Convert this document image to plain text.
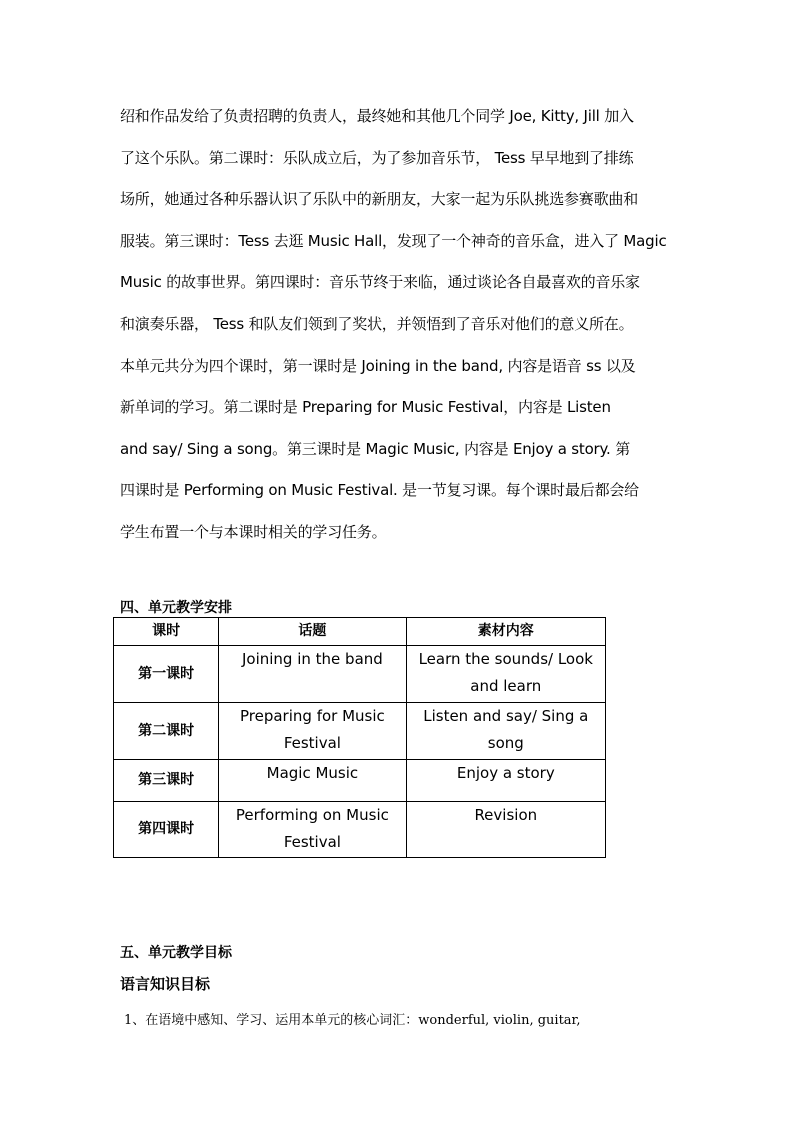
绍和作品发给了负责招聘的负责人，最终她和其他几个同学 Joe, Kitty, Jill 加入
了这个乐队。第二课时：乐队成立后，为了参加音乐节， Tess 早早地到了排练
场所，她通过各种乐器认识了乐队中的新朋友，大家一起为乐队挑选参赛歌曲和
服装。第三课时：Tess 去逛 Music Hall，发现了一个神奇的音乐盒，进入了 Magic
Music 的故事世界。第四课时：音乐节终于来临，通过谈论各自最喜欢的音乐家
和演奏乐器， Tess 和队友们领到了奖状，并领悟到了音乐对他们的意义所在。
本单元共分为四个课时，第一课时是 Joining in the band, 内容是语音 ss 以及
新单词的学习。第二课时是 Preparing for Music Festival，内容是 Listen
and say/ Sing a song。第三课时是 Magic Music, 内容是 Enjoy a story. 第
四课时是 Performing on Music Festival. 是一节复习课。每个课时最后都会给
学生布置一个与本课时相关的学习任务。
四、单元教学安排
课时	话题	素材内容
第一课时	Joining in the band	Learn the sounds/ Look and learn
第二课时	Preparing for Music Festival	Listen and say/ Sing a song
第三课时	Magic Music	Enjoy a story
第四课时	Performing on Music Festival	Revision
五、单元教学目标
语言知识目标
1、在语境中感知、学习、运用本单元的核心词汇：wonderful, violin, guitar,
